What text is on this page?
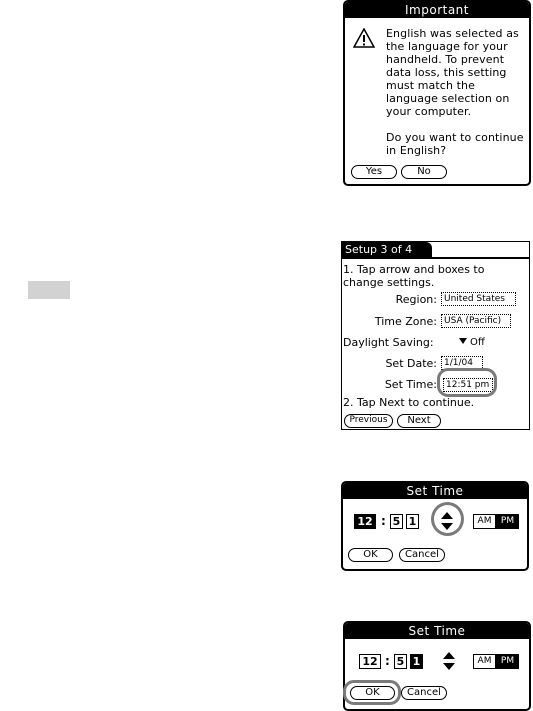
Important
English was selected as
the language for your
handheld. To prevent
data loss, this setting
must match the
language selection on
your computer.

Do you want to continue
in English?
Yes	No
Setup 3 of 4
1. Tap arrow and boxes to
change settings.
Region: United States
Time Zone: USA (Pacific)
Daylight Saving:	Off
Set Date: 1/1/04
Set Time:	12:51 pm
2. Tap Next to continue.
Previous	Next
Set Time
12 : 5 1	AM	PM
OK	Cancel
Set Time
12 : 5 1	AM	PM
OK	Cancel
